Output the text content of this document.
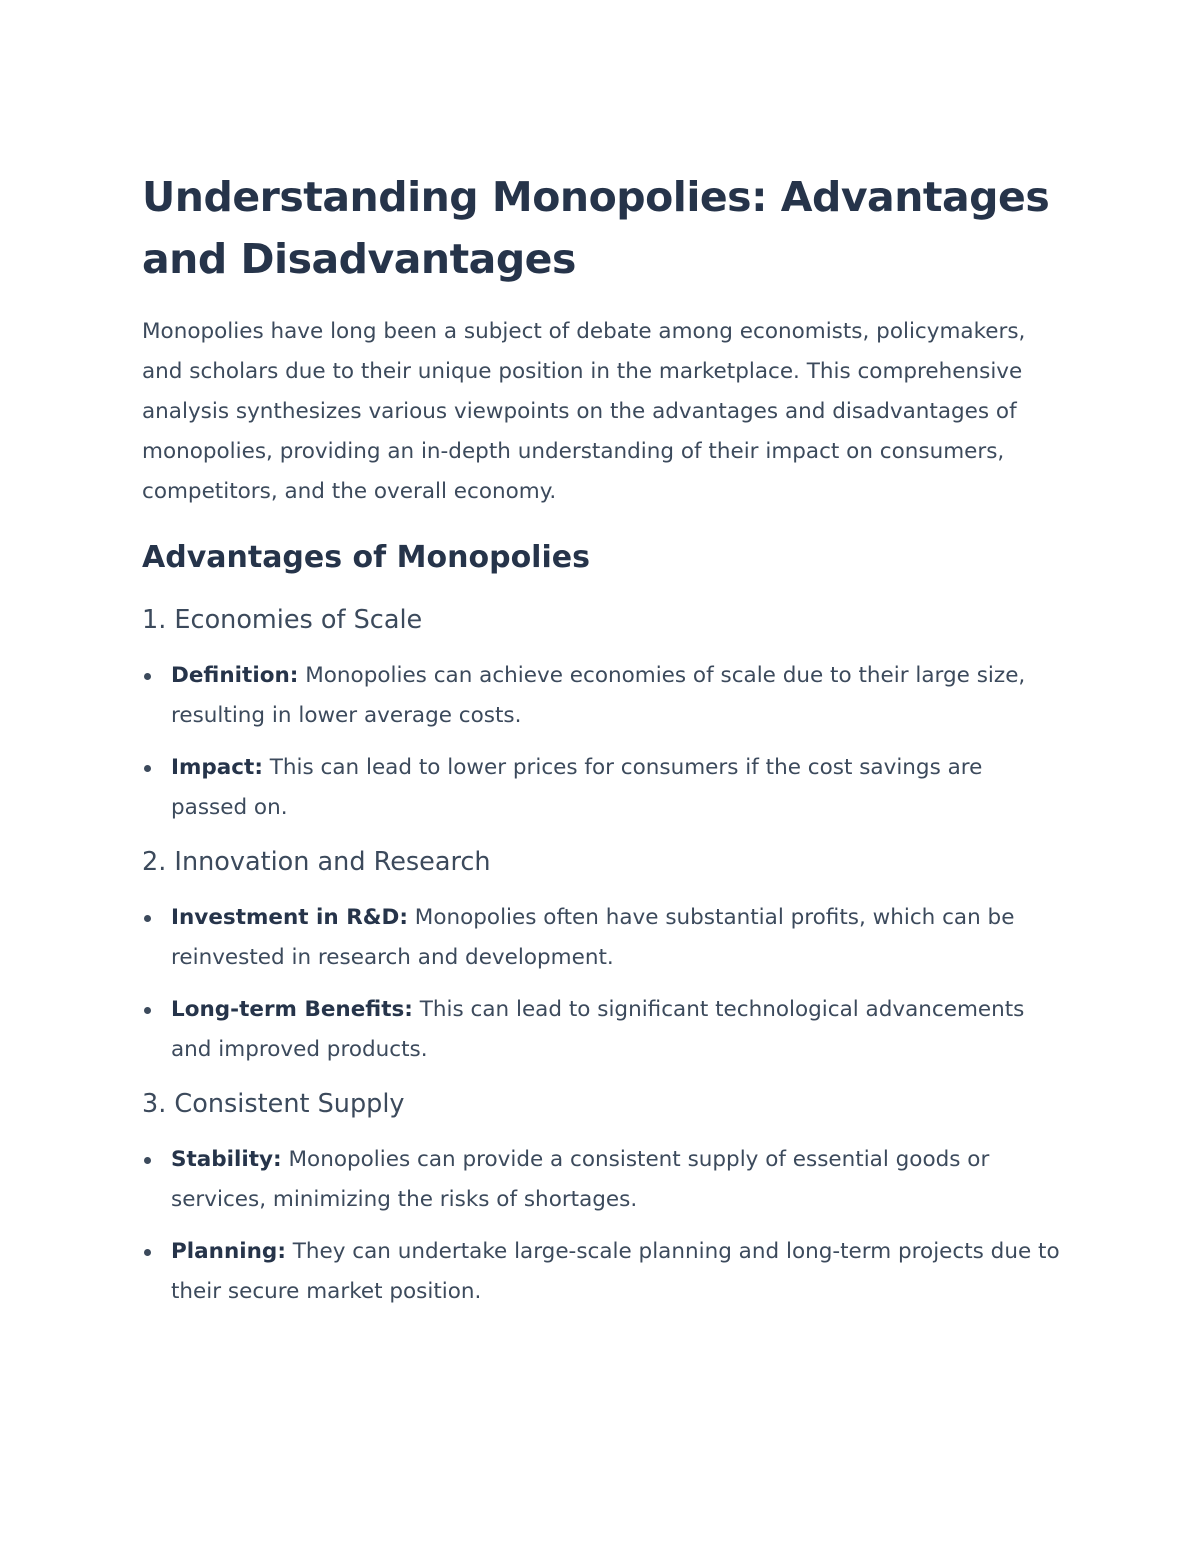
Understanding Monopolies: Advantages and Disadvantages

Monopolies have long been a subject of debate among economists, policymakers, and scholars due to their unique position in the marketplace. This comprehensive analysis synthesizes various viewpoints on the advantages and disadvantages of monopolies, providing an in-depth understanding of their impact on consumers, competitors, and the overall economy.

Advantages of Monopolies
1. Economies of Scale
Definition: Monopolies can achieve economies of scale due to their large size, resulting in lower average costs.
Impact: This can lead to lower prices for consumers if the cost savings are passed on.
2. Innovation and Research
Investment in R&D: Monopolies often have substantial profits, which can be reinvested in research and development.
Long-term Benefits: This can lead to significant technological advancements and improved products.
3. Consistent Supply
Stability: Monopolies can provide a consistent supply of essential goods or services, minimizing the risks of shortages.
Planning: They can undertake large-scale planning and long-term projects due to their secure market position.
